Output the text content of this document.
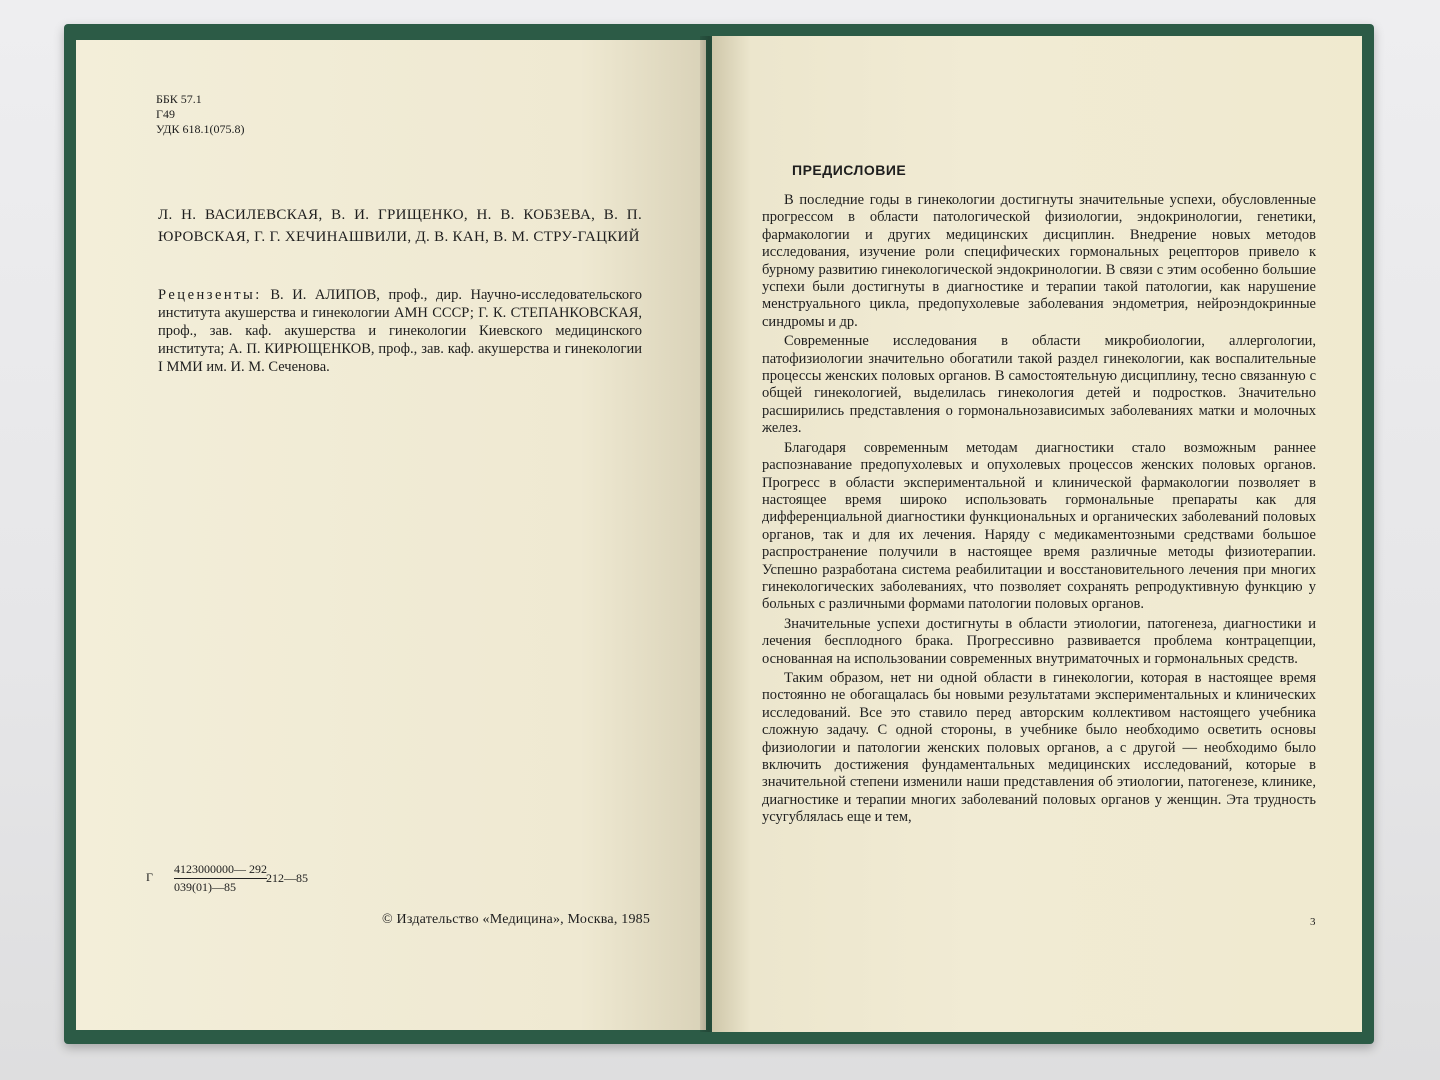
ББК 57.1
Г49
УДК 618.1(075.8)
Л. Н. ВАСИЛЕВСКАЯ, В. И. ГРИЩЕНКО, Н. В. КОБЗЕВА, В. П. ЮРОВСКАЯ, Г. Г. ХЕЧИНАШВИЛИ, Д. В. КАН, В. М. СТРУ-ГАЦКИЙ
Рецензенты: В. И. АЛИПОВ, проф., дир. Научно-исследовательского института акушерства и гинекологии АМН СССР; Г. К. СТЕПАНКОВСКАЯ, проф., зав. каф. акушерства и гинекологии Киевского медицинского института; А. П. КИРЮЩЕНКОВ, проф., зав. каф. акушерства и гинекологии I ММИ им. И. М. Сеченова.
Г
4123000000— 292
039(01)—85
212—85
© Издательство «Медицина», Москва, 1985
ПРЕДИСЛОВИЕ

В последние годы в гинекологии достигнуты значительные успехи, обусловленные прогрессом в области патологической физиологии, эндокринологии, генетики, фармакологии и других медицинских дисциплин. Внедрение новых методов исследования, изучение роли специфических гормональных рецепторов привело к бурному развитию гинекологической эндокринологии. В связи с этим особенно большие успехи были достигнуты в диагностике и терапии такой патологии, как нарушение менструального цикла, предопухолевые заболевания эндометрия, нейроэндокринные синдромы и др.

Современные исследования в области микробиологии, аллергологии, патофизиологии значительно обогатили такой раздел гинекологии, как воспалительные процессы женских половых органов. В самостоятельную дисциплину, тесно связанную с общей гинекологией, выделилась гинекология детей и подростков. Значительно расширились представления о гормональнозависимых заболеваниях матки и молочных желез.

Благодаря современным методам диагностики стало возможным раннее распознавание предопухолевых и опухолевых процессов женских половых органов. Прогресс в области экспериментальной и клинической фармакологии позволяет в настоящее время широко использовать гормональные препараты как для дифференциальной диагностики функциональных и органических заболеваний половых органов, так и для их лечения. Наряду с медикаментозными средствами большое распространение получили в настоящее время различные методы физиотерапии. Успешно разработана система реабилитации и восстановительного лечения при многих гинекологических заболеваниях, что позволяет сохранять репродуктивную функцию у больных с различными формами патологии половых органов.

Значительные успехи достигнуты в области этиологии, патогенеза, диагностики и лечения бесплодного брака. Прогрессивно развивается проблема контрацепции, основанная на использовании современных внутриматочных и гормональных средств.

Таким образом, нет ни одной области в гинекологии, которая в настоящее время постоянно не обогащалась бы новыми результатами экспериментальных и клинических исследований. Все это ставило перед авторским коллективом настоящего учебника сложную задачу. С одной стороны, в учебнике было необходимо осветить основы физиологии и патологии женских половых органов, а с другой — необходимо было включить достижения фундаментальных медицинских исследований, которые в значительной степени изменили наши представления об этиологии, патогенезе, клинике, диагностике и терапии многих заболеваний половых органов у женщин. Эта трудность усугублялась еще и тем,

3
